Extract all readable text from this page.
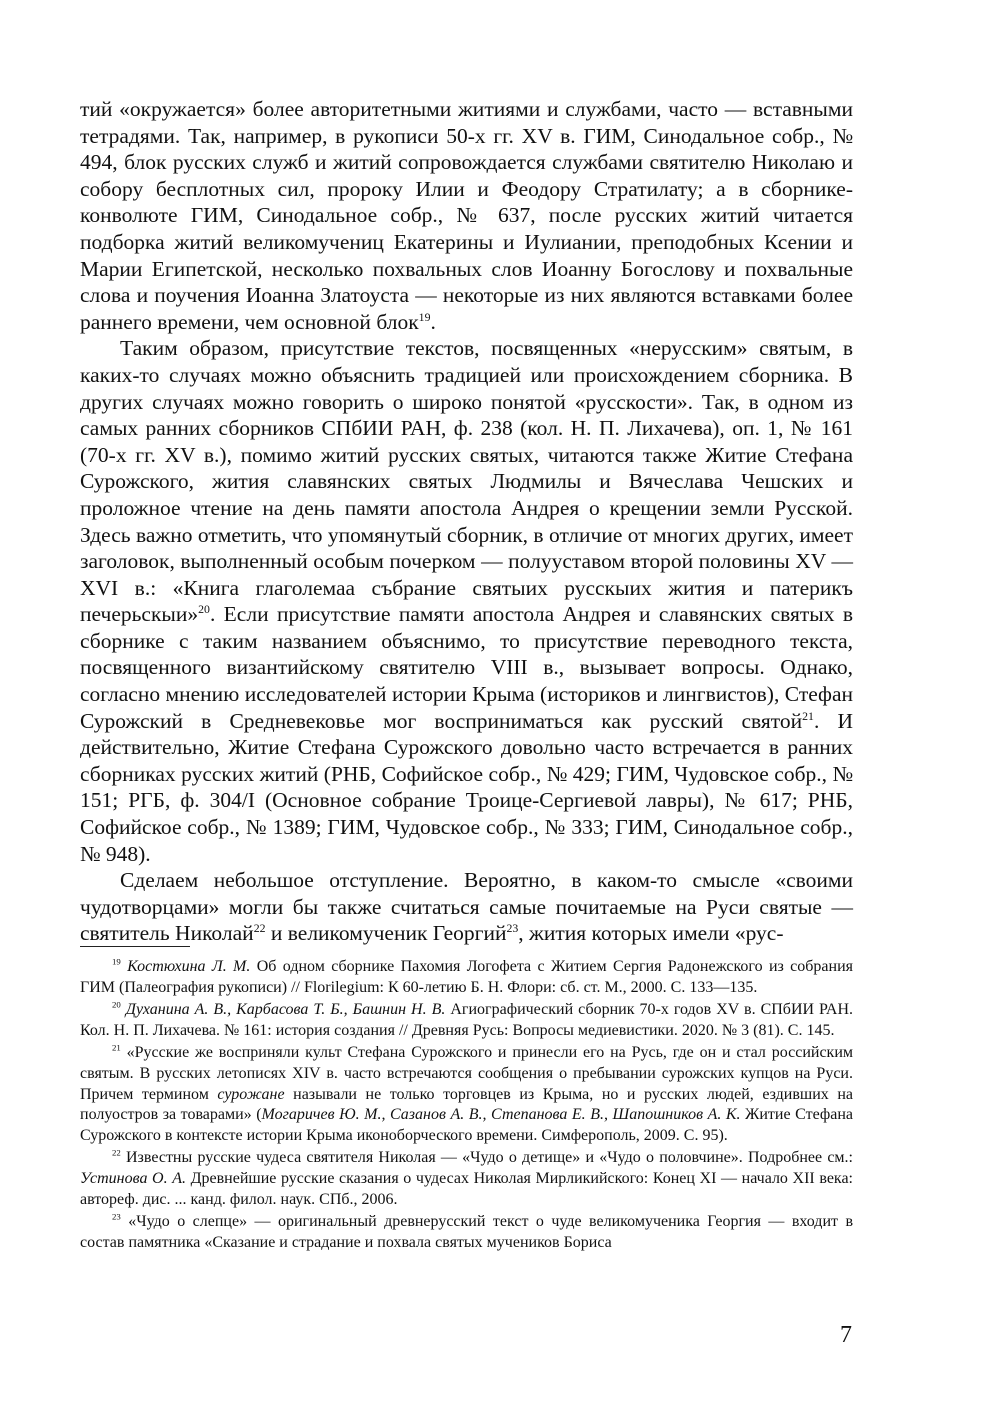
тий «окружается» более авторитетными житиями и службами, часто — вставными тетрадями. Так, например, в рукописи 50-х гг. XV в. ГИМ, Синодальное собр., № 494, блок русских служб и житий сопровождается службами святителю Николаю и собору бесплотных сил, пророку Илии и Феодору Стратилату; а в сборнике-конволюте ГИМ, Синодальное собр., № 637, после русских житий читается подборка житий великомучениц Екатерины и Иулиании, преподобных Ксении и Марии Египетской, несколько похвальных слов Иоанну Богослову и похвальные слова и поучения Иоанна Златоуста — некоторые из них являются вставками более раннего времени, чем основной блок$^{19}$.

Таким образом, присутствие текстов, посвященных «нерусским» святым, в каких-то случаях можно объяснить традицией или происхождением сборника. В других случаях можно говорить о широко понятой «русскости». Так, в одном из самых ранних сборников СПбИИ РАН, ф. 238 (кол. Н. П. Лихачева), оп. 1, № 161 (70-х гг. XV в.), помимо житий русских святых, читаются также Житие Стефана Сурожского, жития славянских святых Людмилы и Вячеслава Чешских и проложное чтение на день памяти апостола Андрея о крещении земли Русской. Здесь важно отметить, что упомянутый сборник, в отличие от многих других, имеет заголовок, выполненный особым почерком — полууставом второй половины XV — XVI в.: «Книга глаголемаа събрание святыих русскыих жития и патерикъ печерьскыи»$^{20}$. Если присутствие памяти апостола Андрея и славянских святых в сборнике с таким названием объяснимо, то присутствие переводного текста, посвященного византийскому святителю VIII в., вызывает вопросы. Однако, согласно мнению исследователей истории Крыма (историков и лингвистов), Стефан Сурожский в Средневековье мог восприниматься как русский святой$^{21}$. И действительно, Житие Стефана Сурожского довольно часто встречается в ранних сборниках русских житий (РНБ, Софийское собр., № 429; ГИМ, Чудовское собр., № 151; РГБ, ф. 304/I (Основное собрание Троице-Сергиевой лавры), № 617; РНБ, Софийское собр., № 1389; ГИМ, Чудовское собр., № 333; ГИМ, Синодальное собр., № 948).

Сделаем небольшое отступление. Вероятно, в каком-то смысле «своими чудотворцами» могли бы также считаться самые почитаемые на Руси святые — святитель Николай$^{22}$ и великомученик Георгий$^{23}$, жития которых имели «рус-

$^{19}$ Костюхина Л. М. Об одном сборнике Пахомия Логофета с Житием Сергия Радонежского из собрания ГИМ (Палеография рукописи) // Florilegium: К 60-летию Б. Н. Флори: сб. ст. М., 2000. С. 133—135.

$^{20}$ Духанина А. В., Карбасова Т. Б., Башнин Н. В. Агиографический сборник 70-х годов XV в. СПбИИ РАН. Кол. Н. П. Лихачева. № 161: история создания // Древняя Русь: Вопросы медиевистики. 2020. № 3 (81). С. 145.

$^{21}$ «Русские же восприняли культ Стефана Сурожского и принесли его на Русь, где он и стал российским святым. В русских летописях XIV в. часто встречаются сообщения о пребывании сурожских купцов на Руси. Причем термином сурожане называли не только торговцев из Крыма, но и русских людей, ездивших на полуостров за товарами» (Могаричев Ю. М., Сазанов А. В., Степанова Е. В., Шапошников А. К. Житие Стефана Сурожского в контексте истории Крыма иконоборческого времени. Симферополь, 2009. С. 95).

$^{22}$ Известны русские чудеса святителя Николая — «Чудо о детище» и «Чудо о половчине». Подробнее см.: Устинова О. А. Древнейшие русские сказания о чудесах Николая Мирликийского: Конец XI — начало XII века: автореф. дис. ... канд. филол. наук. СПб., 2006.

$^{23}$ «Чудо о слепце» — оригинальный древнерусский текст о чуде великомученика Георгия — входит в состав памятника «Сказание и страдание и похвала святых мучеников Бориса

7
